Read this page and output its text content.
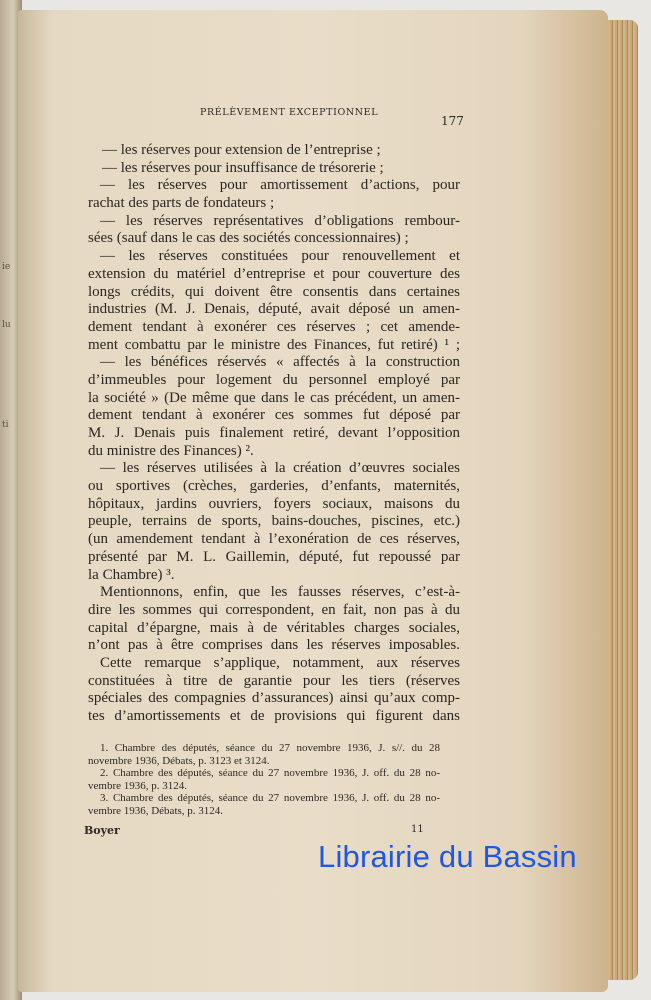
ie
lu
ti
PRÉLÈVEMENT EXCEPTIONNEL
177
— les réserves pour extension de l’entreprise ;
— les réserves pour insuffisance de trésorerie ;
— les réserves pour amortissement d’actions, pour
rachat des parts de fondateurs ;
— les réserves représentatives d’obligations rembour-
sées (sauf dans le cas des sociétés concessionnaires) ;
— les réserves constituées pour renouvellement et
extension du matériel d’entreprise et pour couverture des
longs crédits, qui doivent être consentis dans certaines
industries (M. J. Denais, député, avait déposé un amen-
dement tendant à exonérer ces réserves ; cet amende-
ment combattu par le ministre des Finances, fut retiré) ¹ ;
— les bénéfices réservés « affectés à la construction
d’immeubles pour logement du personnel employé par
la société » (De même que dans le cas précédent, un amen-
dement tendant à exonérer ces sommes fut déposé par
M. J. Denais puis finalement retiré, devant l’opposition
du ministre des Finances) ².
— les réserves utilisées à la création d’œuvres sociales
ou sportives (crèches, garderies, d’enfants, maternités,
hôpitaux, jardins ouvriers, foyers sociaux, maisons du
peuple, terrains de sports, bains-douches, piscines, etc.)
(un amendement tendant à l’exonération de ces réserves,
présenté par M. L. Gaillemin, député, fut repoussé par
la Chambre) ³.
Mentionnons, enfin, que les fausses réserves, c’est-à-
dire les sommes qui correspondent, en fait, non pas à du
capital d’épargne, mais à de véritables charges sociales,
n’ont pas à être comprises dans les réserves imposables.
Cette remarque s’applique, notamment, aux réserves
constituées à titre de garantie pour les tiers (réserves
spéciales des compagnies d’assurances) ainsi qu’aux comp-
tes d’amortissements et de provisions qui figurent dans
1. Chambre des députés, séance du 27 novembre 1936, J. s//. du 28
novembre 1936, Débats, p. 3123 et 3124.
2. Chambre des députés, séance du 27 novembre 1936, J. off. du 28 no-
vembre 1936, p. 3124.
3. Chambre des députés, séance du 27 novembre 1936, J. off. du 28 no-
vembre 1936, Débats, p. 3124.
Boyer	11
Librairie du Bassin
